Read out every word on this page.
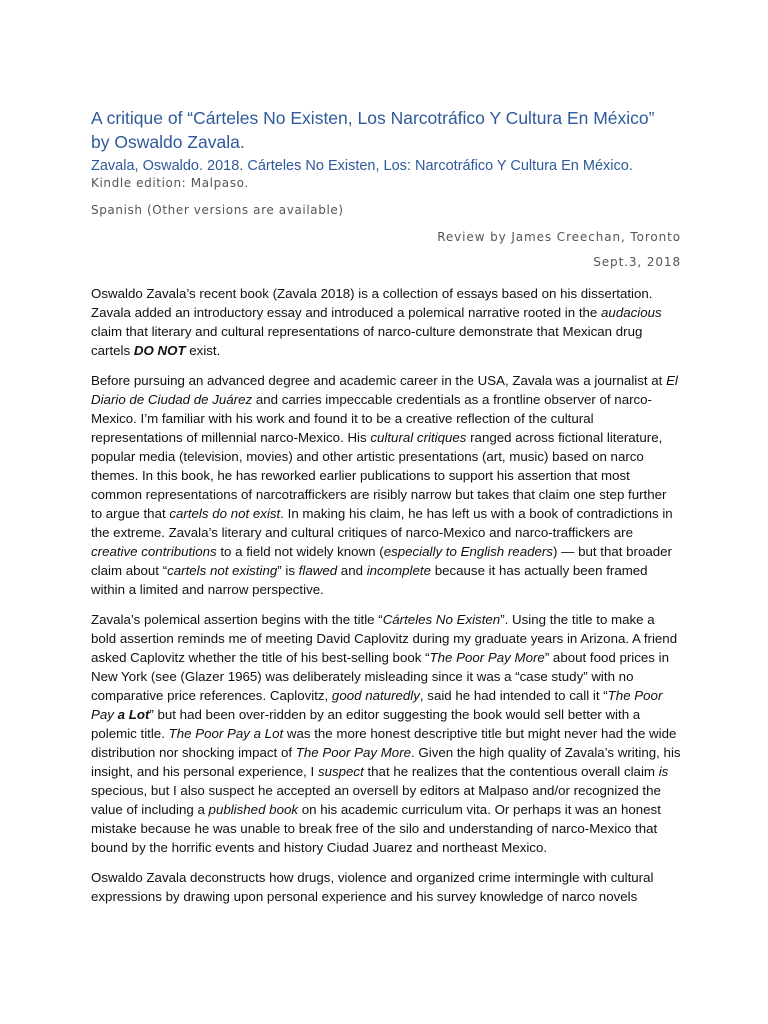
A critique of “Cárteles No Existen, Los Narcotráfico Y Cultura En México”
by Oswaldo Zavala.

Zavala, Oswaldo. 2018. Cárteles No Existen, Los: Narcotráfico Y Cultura En México.

Kindle edition: Malpaso.

Spanish (Other versions are available)

Review by James Creechan, Toronto

Sept.3, 2018

Oswaldo Zavala’s recent book (Zavala 2018) is a collection of essays based on his dissertation. Zavala added an introductory essay and introduced a polemical narrative rooted in the audacious claim that literary and cultural representations of narco-culture demonstrate that Mexican drug cartels DO NOT exist.

Before pursuing an advanced degree and academic career in the USA, Zavala was a journalist at El Diario de Ciudad de Juárez and carries impeccable credentials as a frontline observer of narco-Mexico. I’m familiar with his work and found it to be a creative reflection of the cultural representations of millennial narco-Mexico. His cultural critiques ranged across fictional literature, popular media (television, movies) and other artistic presentations (art, music) based on narco themes. In this book, he has reworked earlier publications to support his assertion that most common representations of narcotraffickers are risibly narrow but takes that claim one step further to argue that cartels do not exist. In making his claim, he has left us with a book of contradictions in the extreme. Zavala’s literary and cultural critiques of narco-Mexico and narco-traffickers are creative contributions to a field not widely known (especially to English readers) — but that broader claim about “cartels not existing” is flawed and incomplete because it has actually been framed within a limited and narrow perspective.

Zavala’s polemical assertion begins with the title “Cárteles No Existen”. Using the title to make a bold assertion reminds me of meeting David Caplovitz during my graduate years in Arizona. A friend asked Caplovitz whether the title of his best-selling book “The Poor Pay More” about food prices in New York (see (Glazer 1965) was deliberately misleading since it was a “case study” with no comparative price references. Caplovitz, good naturedly, said he had intended to call it “The Poor Pay a Lot” but had been over-ridden by an editor suggesting the book would sell better with a polemic title. The Poor Pay a Lot was the more honest descriptive title but might never had the wide distribution nor shocking impact of The Poor Pay More. Given the high quality of Zavala’s writing, his insight, and his personal experience, I suspect that he realizes that the contentious overall claim is specious, but I also suspect he accepted an oversell by editors at Malpaso and/or recognized the value of including a published book on his academic curriculum vita. Or perhaps it was an honest mistake because he was unable to break free of the silo and understanding of narco-Mexico that bound by the horrific events and history Ciudad Juarez and northeast Mexico.

Oswaldo Zavala deconstructs how drugs, violence and organized crime intermingle with cultural expressions by drawing upon personal experience and his survey knowledge of narco novels
